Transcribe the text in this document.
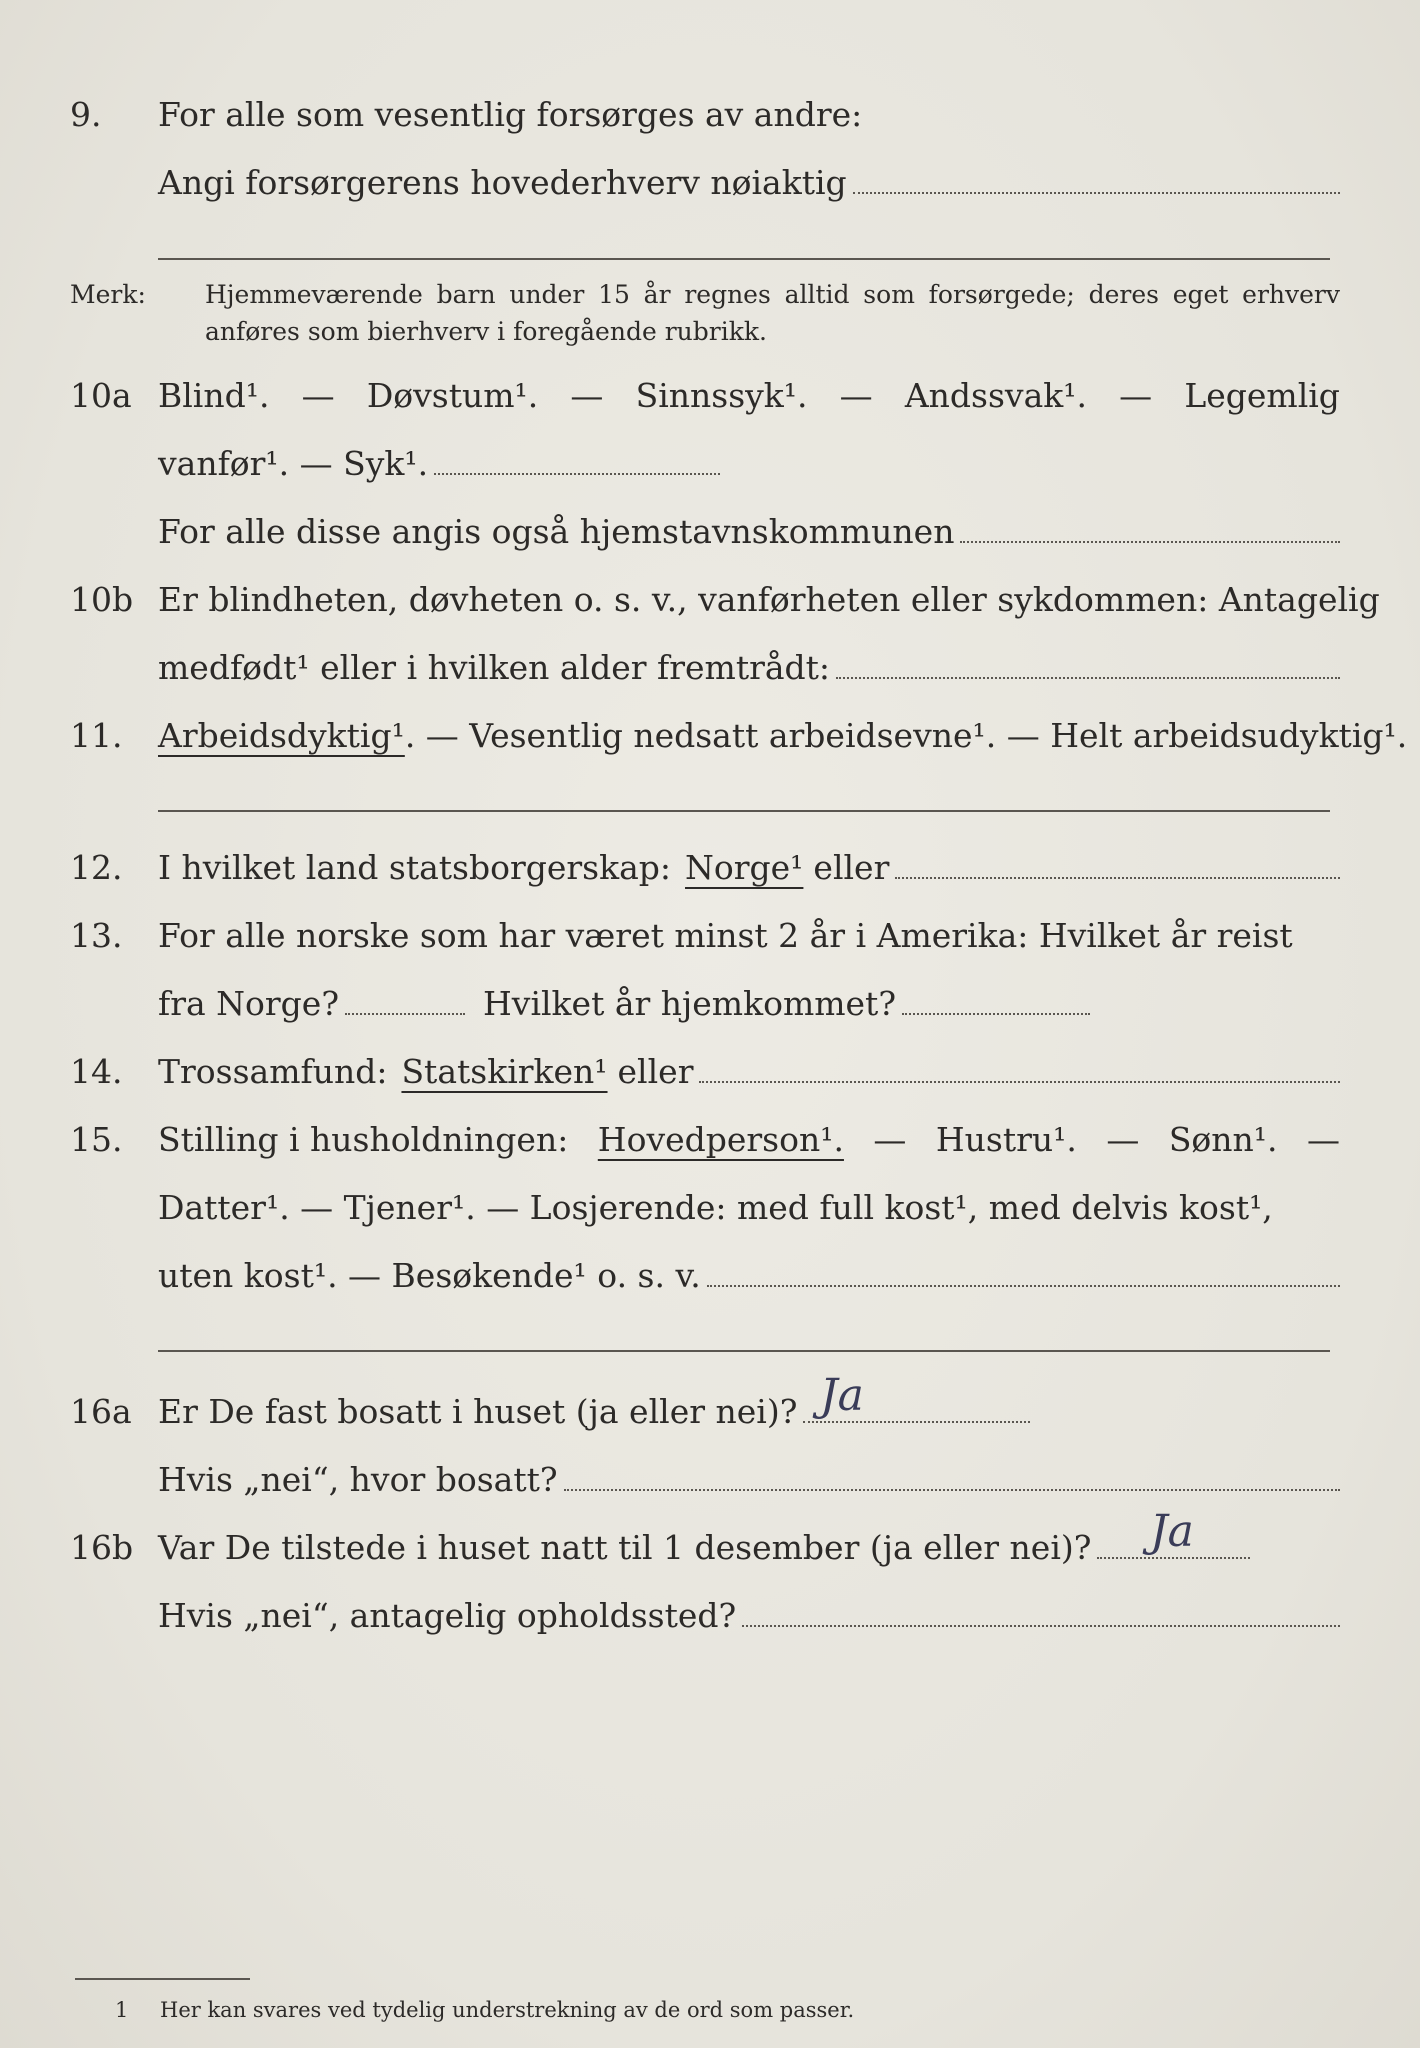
9.	For alle som vesentlig forsørges av andre:
Angi forsørgerens hovederhverv nøiaktig
Merk: Hjemmeværende barn under 15 år regnes alltid som forsørgede; deres eget erhverv anføres som bierhverv i foregående rubrikk.
10a Blind¹. — Døvstum¹. — Sinnssyk¹. — Andssvak¹. — Legemlig
vanfør¹. — Syk¹.
For alle disse angis også hjemstavnskommunen
10b Er blindheten, døvheten o. s. v., vanførheten eller sykdommen: Antagelig
medfødt¹ eller i hvilken alder fremtrådt:
11.	Arbeidsdyktig¹ . — Vesentlig nedsatt arbeidsevne¹. — Helt arbeidsudyktig¹.
12.	I hvilket land statsborgerskap: Norge¹ eller
13.	For alle norske som har været minst 2 år i Amerika: Hvilket år reist
fra Norge?	Hvilket år hjemkommet?
14.	Trossamfund: Statskirken¹ eller
15.	Stilling i husholdningen: Hovedperson¹. — Hustru¹. — Sønn¹. —
Datter¹. — Tjener¹. — Losjerende: med full kost¹, med delvis kost¹,
uten kost¹. — Besøkende¹ o. s. v.
16a Er De fast bosatt i huset (ja eller nei)? Ja
Hvis „nei“, hvor bosatt?
16b Var De tilstede i huset natt til 1 desember (ja eller nei)? Ja
Hvis „nei“, antagelig opholdssted?
1 Her kan svares ved tydelig understrekning av de ord som passer.
